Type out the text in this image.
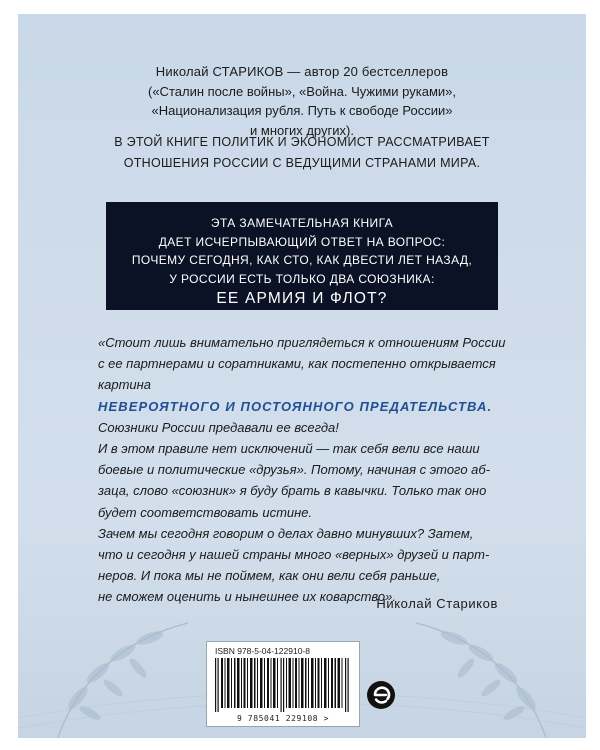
Николай СТАРИКОВ — автор 20 бестселлеров
(«Сталин после войны», «Война. Чужими руками»,
«Национализация рубля. Путь к свободе России»
и многих других).
В ЭТОЙ КНИГЕ ПОЛИТИК И ЭКОНОМИСТ РАССМАТРИВАЕТ
ОТНОШЕНИЯ РОССИИ С ВЕДУЩИМИ СТРАНАМИ МИРА.
ЭТА ЗАМЕЧАТЕЛЬНАЯ КНИГА
ДАЕТ ИСЧЕРПЫВАЮЩИЙ ОТВЕТ НА ВОПРОС:
ПОЧЕМУ СЕГОДНЯ, КАК СТО, КАК ДВЕСТИ ЛЕТ НАЗАД,
У РОССИИ ЕСТЬ ТОЛЬКО ДВА СОЮЗНИКА:
ЕЕ АРМИЯ И ФЛОТ?
«Стоит лишь внимательно приглядеться к отношениям России
с ее партнерами и соратниками, как постепенно открывается
картина
НЕВЕРОЯТНОГО И ПОСТОЯННОГО ПРЕДАТЕЛЬСТВА.
Союзники России предавали ее всегда!
И в этом правиле нет исключений — так себя вели все наши
боевые и политические «друзья». Потому, начиная с этого аб-
заца, слово «союзник» я буду брать в кавычки. Только так оно
будет соответствовать истине.
Зачем мы сегодня говорим о делах давно минувших? Затем,
что и сегодня у нашей страны много «верных» друзей и парт-
неров. И пока мы не поймем, как они вели себя раньше,
не сможем оценить и нынешнее их коварство».
Николай Стариков
ISBN 978-5-04-122910-8
9 785041 229108 >
